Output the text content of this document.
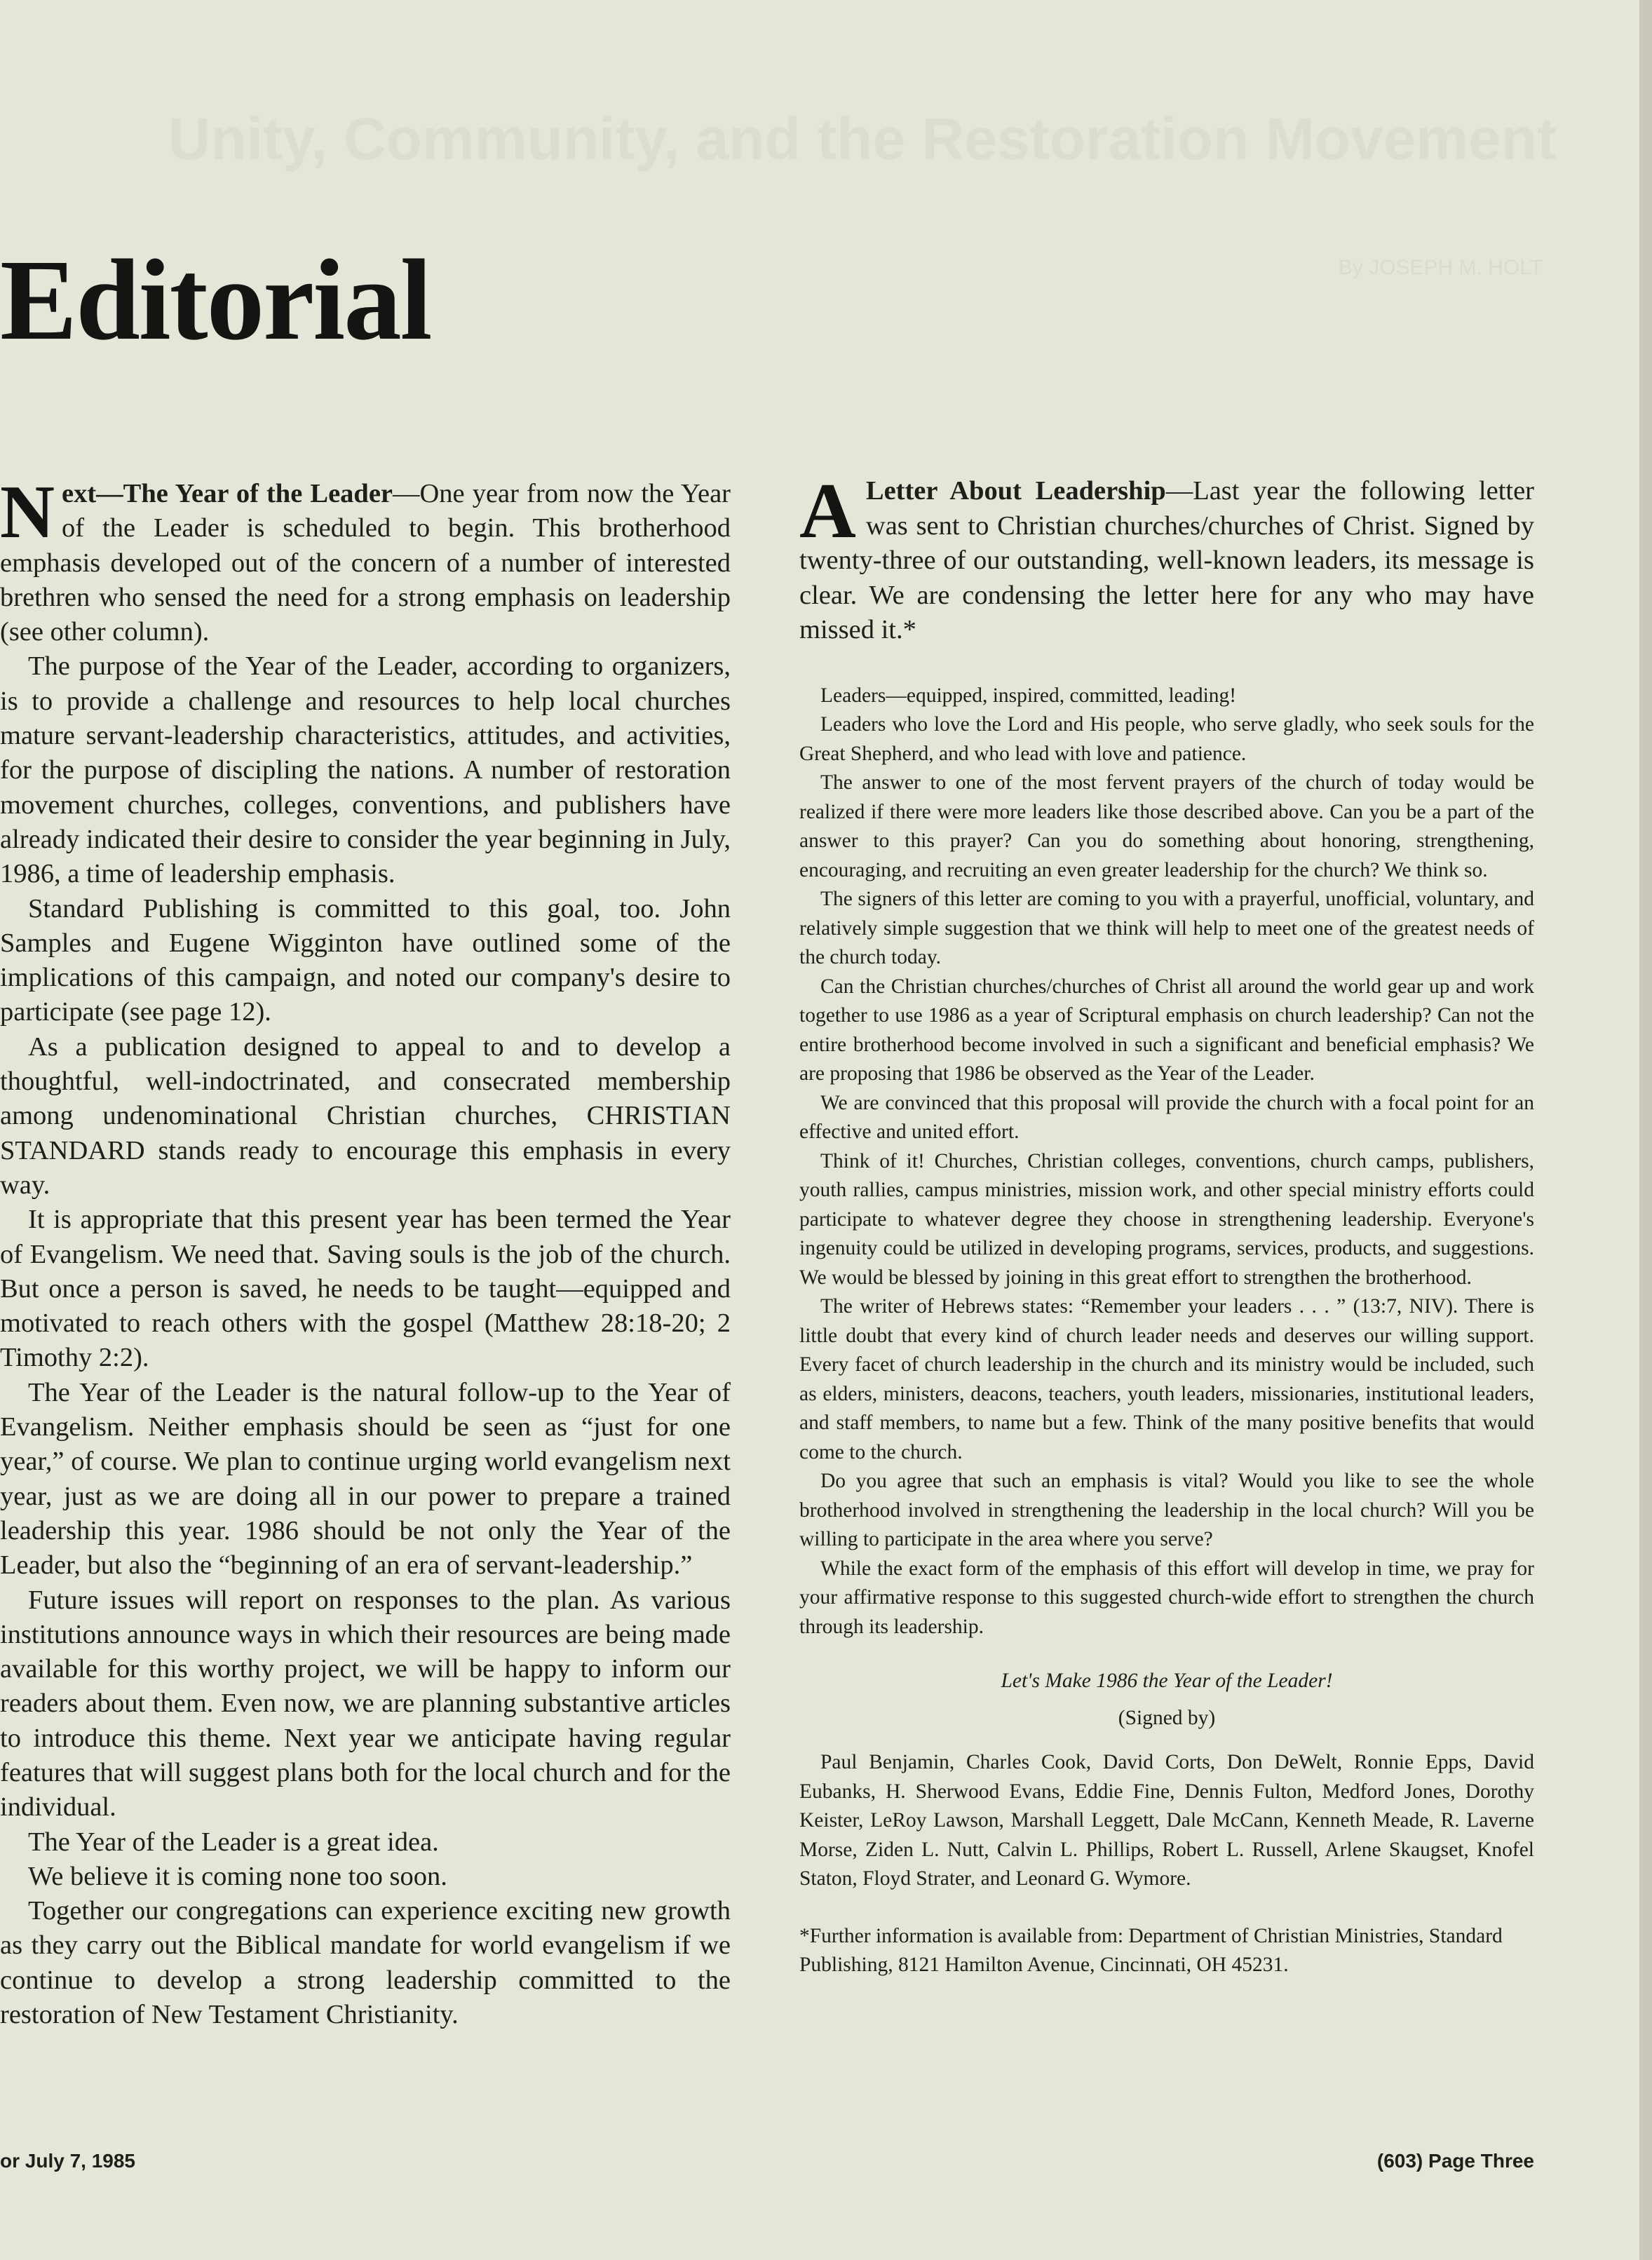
Unity, Community, and the Restoration Movement
By JOSEPH M. HOLT
Editorial

Next—The Year of the Leader—One year from now the Year of the Leader is scheduled to begin. This brotherhood emphasis developed out of the concern of a number of interested brethren who sensed the need for a strong emphasis on leadership (see other column).

The purpose of the Year of the Leader, according to organizers, is to provide a challenge and resources to help local churches mature servant-leadership characteristics, attitudes, and activities, for the purpose of discipling the nations. A number of restoration movement churches, colleges, conventions, and publishers have already indicated their desire to consider the year beginning in July, 1986, a time of leadership emphasis.

Standard Publishing is committed to this goal, too. John Samples and Eugene Wigginton have outlined some of the implications of this campaign, and noted our company's desire to participate (see page 12).

As a publication designed to appeal to and to develop a thoughtful, well-indoctrinated, and consecrated membership among undenominational Christian churches, CHRISTIAN STANDARD stands ready to encourage this emphasis in every way.

It is appropriate that this present year has been termed the Year of Evangelism. We need that. Saving souls is the job of the church. But once a person is saved, he needs to be taught—equipped and motivated to reach others with the gospel (Matthew 28:18-20; 2 Timothy 2:2).

The Year of the Leader is the natural follow-up to the Year of Evangelism. Neither emphasis should be seen as “just for one year,” of course. We plan to continue urging world evangelism next year, just as we are doing all in our power to prepare a trained leadership this year. 1986 should be not only the Year of the Leader, but also the “beginning of an era of servant-leadership.”

Future issues will report on responses to the plan. As various institutions announce ways in which their resources are being made available for this worthy project, we will be happy to inform our readers about them. Even now, we are planning substantive articles to introduce this theme. Next year we anticipate having regular features that will suggest plans both for the local church and for the individual.

The Year of the Leader is a great idea.

We believe it is coming none too soon.

Together our congregations can experience exciting new growth as they carry out the Biblical mandate for world evangelism if we continue to develop a strong leadership committed to the restoration of New Testament Christianity.

A Letter About Leadership—Last year the following letter was sent to Christian churches/churches of Christ. Signed by twenty-three of our outstanding, well-known leaders, its message is clear. We are condensing the letter here for any who may have missed it.*

Leaders—equipped, inspired, committed, leading!

Leaders who love the Lord and His people, who serve gladly, who seek souls for the Great Shepherd, and who lead with love and patience.

The answer to one of the most fervent prayers of the church of today would be realized if there were more leaders like those described above. Can you be a part of the answer to this prayer? Can you do something about honoring, strengthening, encouraging, and recruiting an even greater leadership for the church? We think so.

The signers of this letter are coming to you with a prayerful, unofficial, voluntary, and relatively simple suggestion that we think will help to meet one of the greatest needs of the church today.

Can the Christian churches/churches of Christ all around the world gear up and work together to use 1986 as a year of Scriptural emphasis on church leadership? Can not the entire brotherhood become involved in such a significant and beneficial emphasis? We are proposing that 1986 be observed as the Year of the Leader.

We are convinced that this proposal will provide the church with a focal point for an effective and united effort.

Think of it! Churches, Christian colleges, conventions, church camps, publishers, youth rallies, campus ministries, mission work, and other special ministry efforts could participate to whatever degree they choose in strengthening leadership. Everyone's ingenuity could be utilized in developing programs, services, products, and suggestions. We would be blessed by joining in this great effort to strengthen the brotherhood.

The writer of Hebrews states: “Remember your leaders . . . ” (13:7, NIV). There is little doubt that every kind of church leader needs and deserves our willing support. Every facet of church leadership in the church and its ministry would be included, such as elders, ministers, deacons, teachers, youth leaders, missionaries, institutional leaders, and staff members, to name but a few. Think of the many positive benefits that would come to the church.

Do you agree that such an emphasis is vital? Would you like to see the whole brotherhood involved in strengthening the leadership in the local church? Will you be willing to participate in the area where you serve?

While the exact form of the emphasis of this effort will develop in time, we pray for your affirmative response to this suggested church-wide effort to strengthen the church through its leadership.

Let's Make 1986 the Year of the Leader!
(Signed by)

Paul Benjamin, Charles Cook, David Corts, Don DeWelt, Ronnie Epps, David Eubanks, H. Sherwood Evans, Eddie Fine, Dennis Fulton, Medford Jones, Dorothy Keister, LeRoy Lawson, Marshall Leggett, Dale McCann, Kenneth Meade, R. Laverne Morse, Ziden L. Nutt, Calvin L. Phillips, Robert L. Russell, Arlene Skaugset, Knofel Staton, Floyd Strater, and Leonard G. Wymore.

*Further information is available from: Department of Christian Ministries, Standard Publishing, 8121 Hamilton Avenue, Cincinnati, OH 45231.

or July 7, 1985	(603) Page Three
